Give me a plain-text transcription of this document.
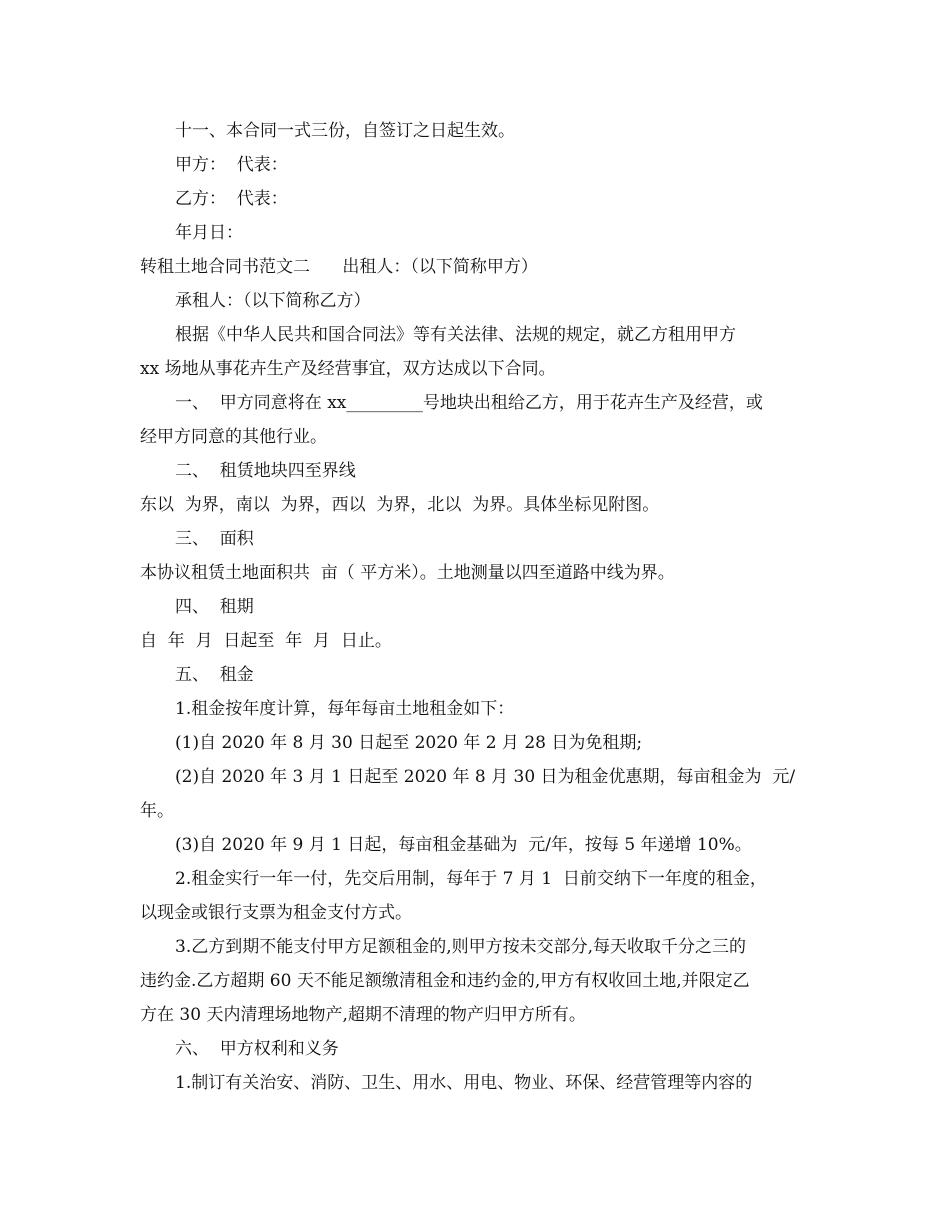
十一、本合同一式三份，自签订之日起生效。
甲方：  代表：
乙方：  代表：
年月日：
转租土地合同书范文二      出租人：（以下简称甲方）
承租人：（以下简称乙方）
根据《中华人民共和国合同法》等有关法律、法规的规定，就乙方租用甲方
xx 场地从事花卉生产及经营事宜，双方达成以下合同。
一、  甲方同意将在 xx_________号地块出租给乙方，用于花卉生产及经营，或
经甲方同意的其他行业。
二、  租赁地块四至界线
东以  为界，南以  为界，西以  为界，北以  为界。具体坐标见附图。
三、  面积
本协议租赁土地面积共  亩（ 平方米）。土地测量以四至道路中线为界。
四、  租期
自  年  月  日起至  年  月  日止。
五、  租金
1.租金按年度计算，每年每亩土地租金如下：
(1)自 2020 年 8 月 30 日起至 2020 年 2 月 28 日为免租期;
(2)自 2020 年 3 月 1 日起至 2020 年 8 月 30 日为租金优惠期，每亩租金为  元/
年。
(3)自 2020 年 9 月 1 日起，每亩租金基础为  元/年，按每 5 年递增 10%。
2.租金实行一年一付，先交后用制，每年于 7 月 1  日前交纳下一年度的租金，
以现金或银行支票为租金支付方式。
3.乙方到期不能支付甲方足额租金的,则甲方按未交部分,每天收取千分之三的
违约金.乙方超期 60 天不能足额缴清租金和违约金的,甲方有权收回土地,并限定乙
方在 30 天内清理场地物产,超期不清理的物产归甲方所有。
六、  甲方权利和义务
1.制订有关治安、消防、卫生、用水、用电、物业、环保、经营管理等内容的
